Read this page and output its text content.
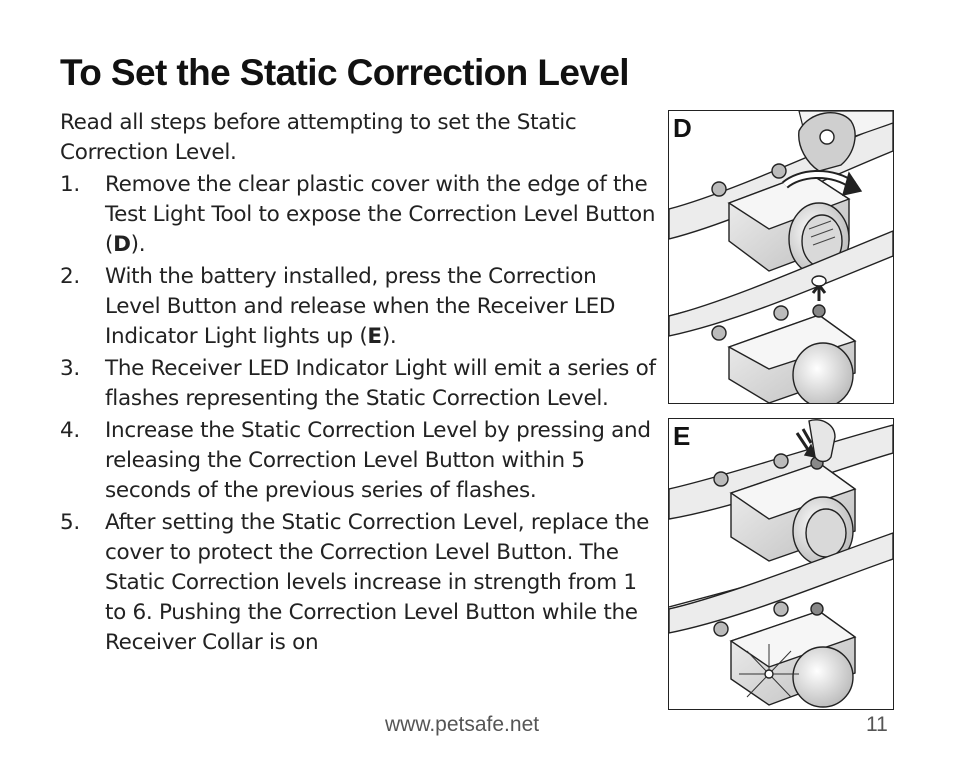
To Set the Static Correction Level

Read all steps before attempting to set the Static Correction Level.

1. Remove the clear plastic cover with the edge of the Test Light Tool to expose the Correction Level Button (D).
2. With the battery installed, press the Correction Level Button and release when the Receiver LED Indicator Light lights up (E).
3. The Receiver LED Indicator Light will emit a series of flashes representing the Static Correction Level.
4. Increase the Static Correction Level by pressing and releasing the Correction Level Button within 5 seconds of the previous series of flashes.
5. After setting the Static Correction Level, replace the cover to protect the Correction Level Button. The Static Correction levels increase in strength from 1 to 6. Pushing the Correction Level Button while the Receiver Collar is on
D
E
www.petsafe.net	11
